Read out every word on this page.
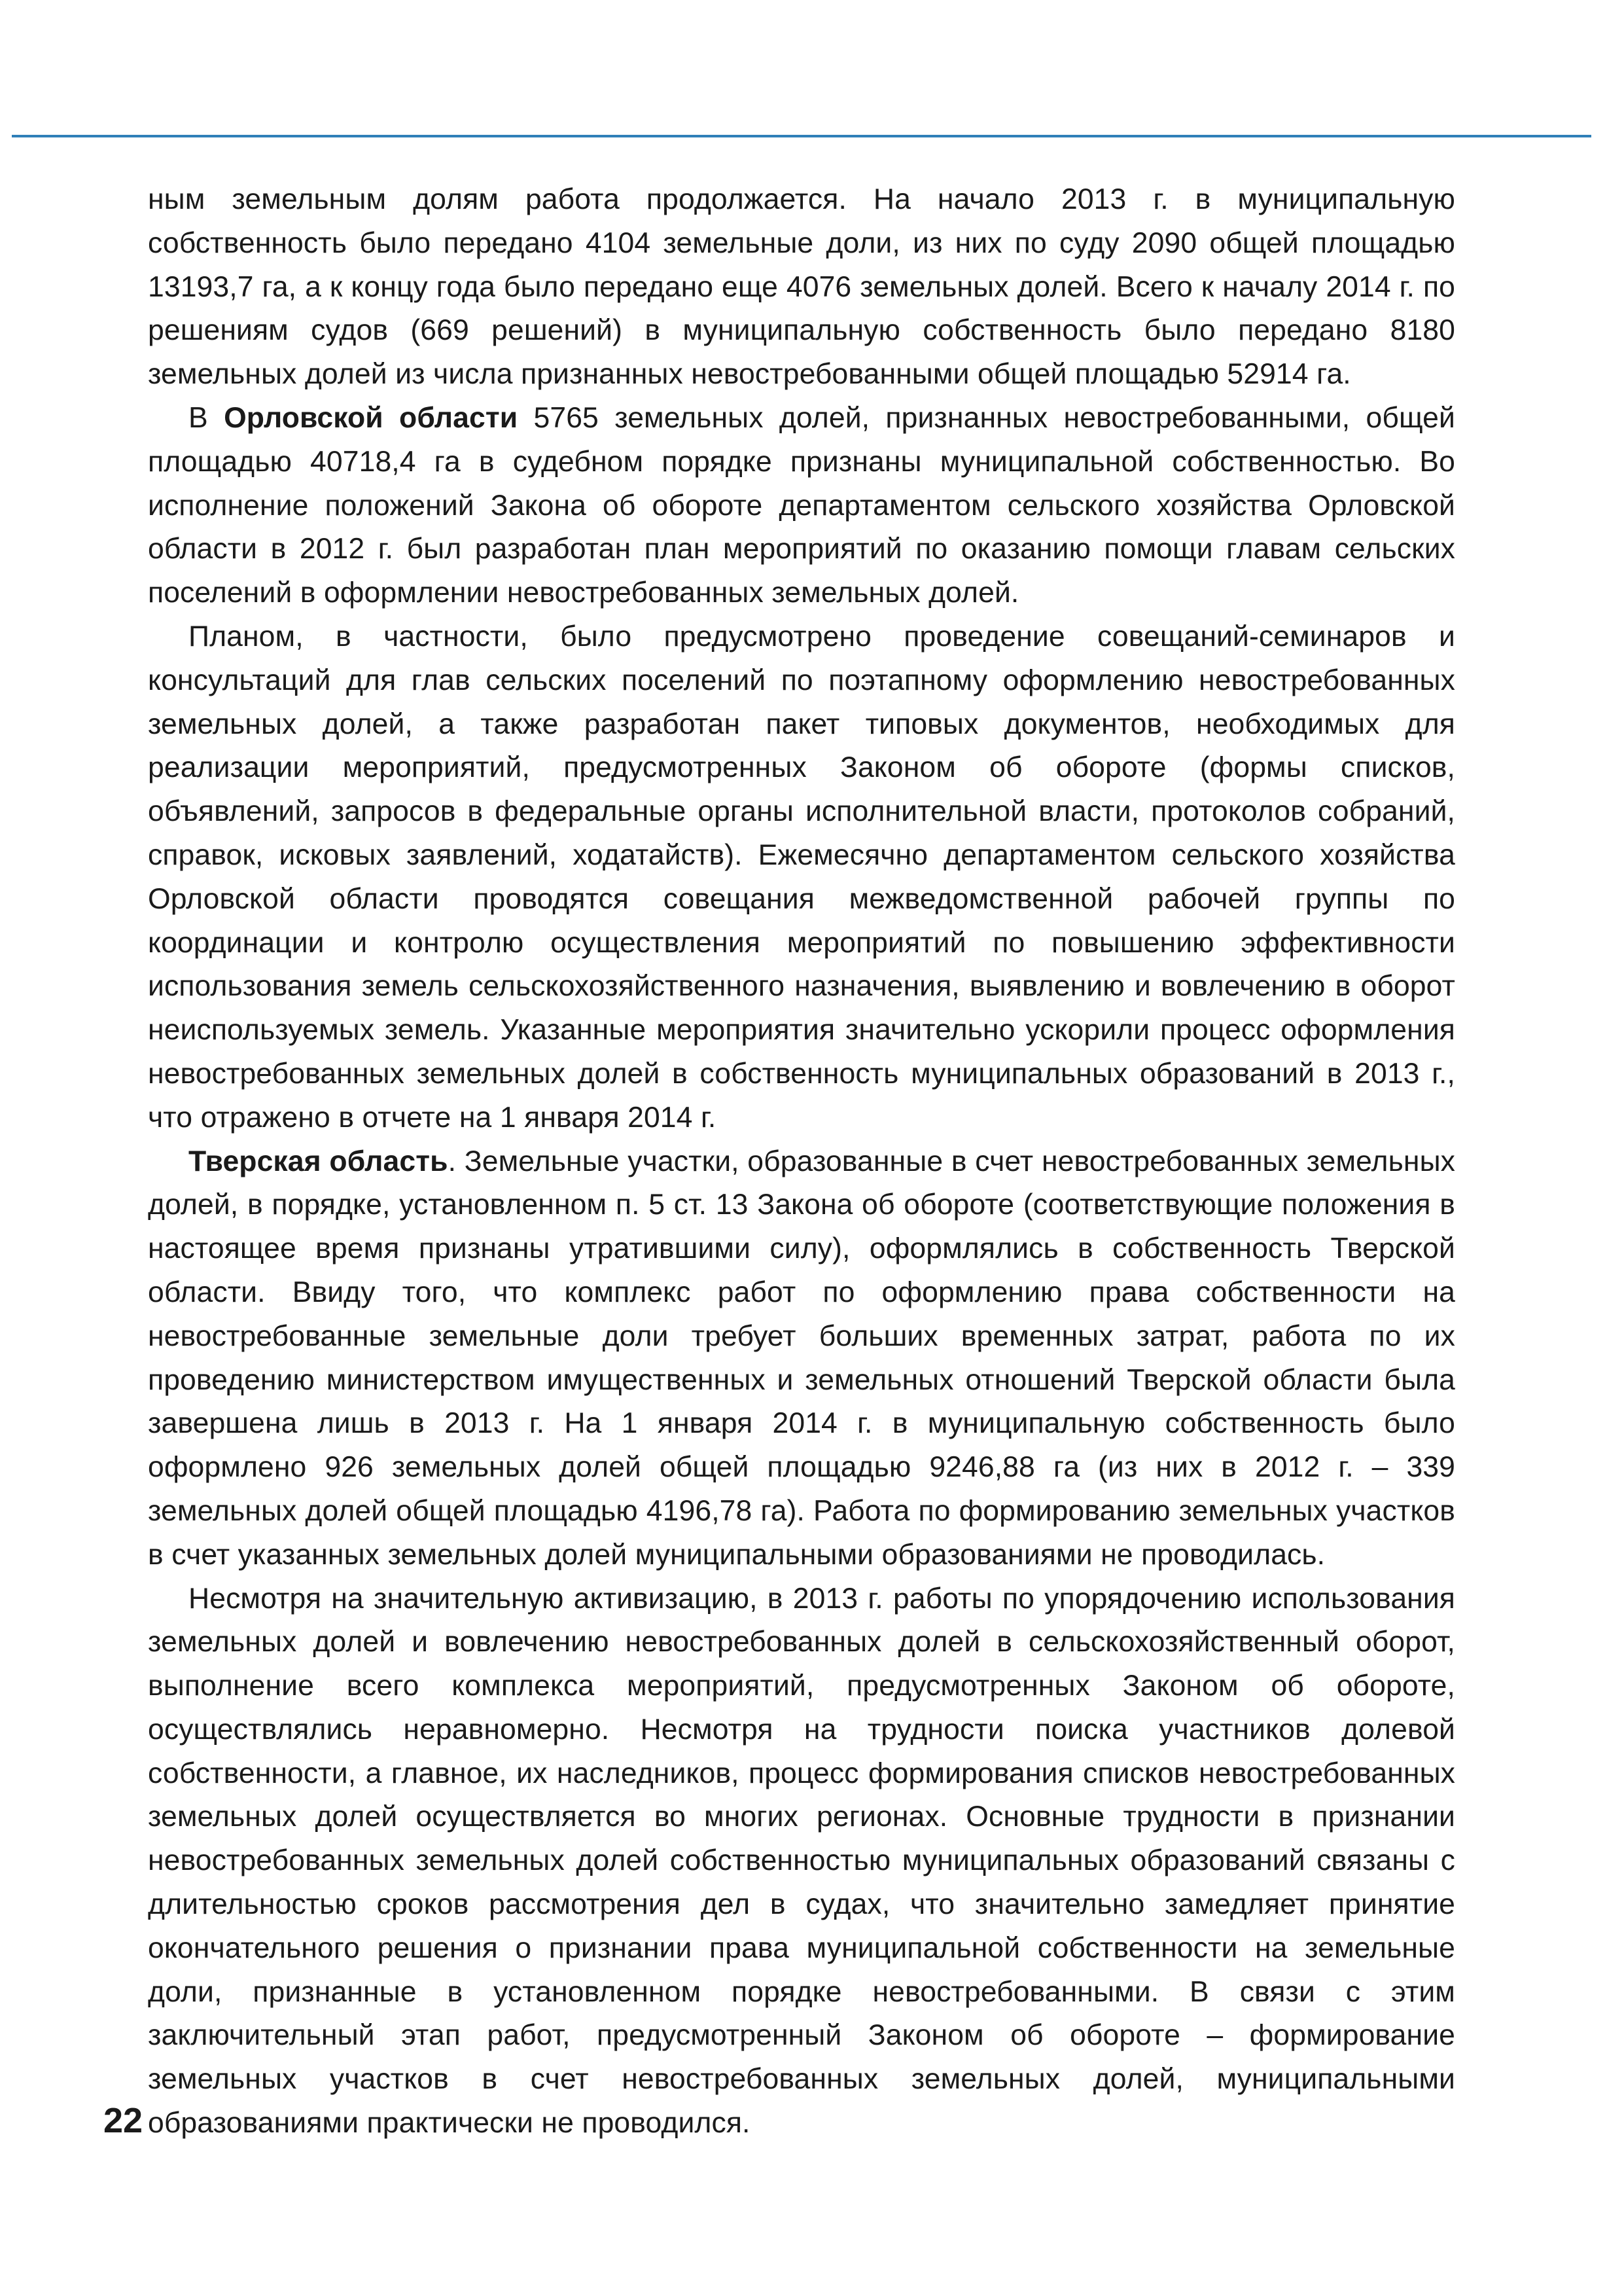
ным земельным долям работа продолжается. На начало 2013 г. в муниципальную собственность было передано 4104 земельные доли, из них по суду 2090 общей площадью 13193,7 га, а к концу года было передано еще 4076 земельных долей. Всего к началу 2014 г. по решениям судов (669 решений) в муниципальную собственность было передано 8180 земельных долей из числа признанных невостребованными общей площадью 52914 га.

В Орловской области 5765 земельных долей, признанных невостребованными, общей площадью 40718,4 га в судебном порядке признаны муниципальной собственностью. Во исполнение положений Закона об обороте департаментом сельского хозяйства Орловской области в 2012 г. был разработан план мероприятий по оказанию помощи главам сельских поселений в оформлении невостребованных земельных долей.

Планом, в частности, было предусмотрено проведение совещаний-семинаров и консультаций для глав сельских поселений по поэтапному оформлению невостребованных земельных долей, а также разработан пакет типовых документов, необходимых для реализации мероприятий, предусмотренных Законом об обороте (формы списков, объявлений, запросов в федеральные органы исполнительной власти, протоколов собраний, справок, исковых заявлений, ходатайств). Ежемесячно департаментом сельского хозяйства Орловской области проводятся совещания межведомственной рабочей группы по координации и контролю осуществления мероприятий по повышению эффективности использования земель сельскохозяйственного назначения, выявлению и вовлечению в оборот неиспользуемых земель. Указанные мероприятия значительно ускорили процесс оформления невостребованных земельных долей в собственность муниципальных образований в 2013 г., что отражено в отчете на 1 января 2014 г.

Тверская область. Земельные участки, образованные в счет невостребованных земельных долей, в порядке, установленном п. 5 ст. 13 Закона об обороте (соответствующие положения в настоящее время признаны утратившими силу), оформлялись в собственность Тверской области. Ввиду того, что комплекс работ по оформлению права собственности на невостребованные земельные доли требует больших временных затрат, работа по их проведению министерством имущественных и земельных отношений Тверской области была завершена лишь в 2013 г. На 1 января 2014 г. в муниципальную собственность было оформлено 926 земельных долей общей площадью 9246,88 га (из них в 2012 г. – 339 земельных долей общей площадью 4196,78 га). Работа по формированию земельных участков в счет указанных земельных долей муниципальными образованиями не проводилась.

Несмотря на значительную активизацию, в 2013 г. работы по упорядочению использования земельных долей и вовлечению невостребованных долей в сельскохозяйственный оборот, выполнение всего комплекса мероприятий, предусмотренных Законом об обороте, осуществлялись неравномерно. Несмотря на трудности поиска участников долевой собственности, а главное, их наследников, процесс формирования списков невостребованных земельных долей осуществляется во многих регионах. Основные трудности в признании невостребованных земельных долей собственностью муниципальных образований связаны с длительностью сроков рассмотрения дел в судах, что значительно замедляет принятие окончательного решения о признании права муниципальной собственности на земельные доли, признанные в установленном порядке невостребованными. В связи с этим заключительный этап работ, предусмотренный Законом об обороте – формирование земельных участков в счет невостребованных земельных долей, муниципальными образованиями практически не проводился.

22
